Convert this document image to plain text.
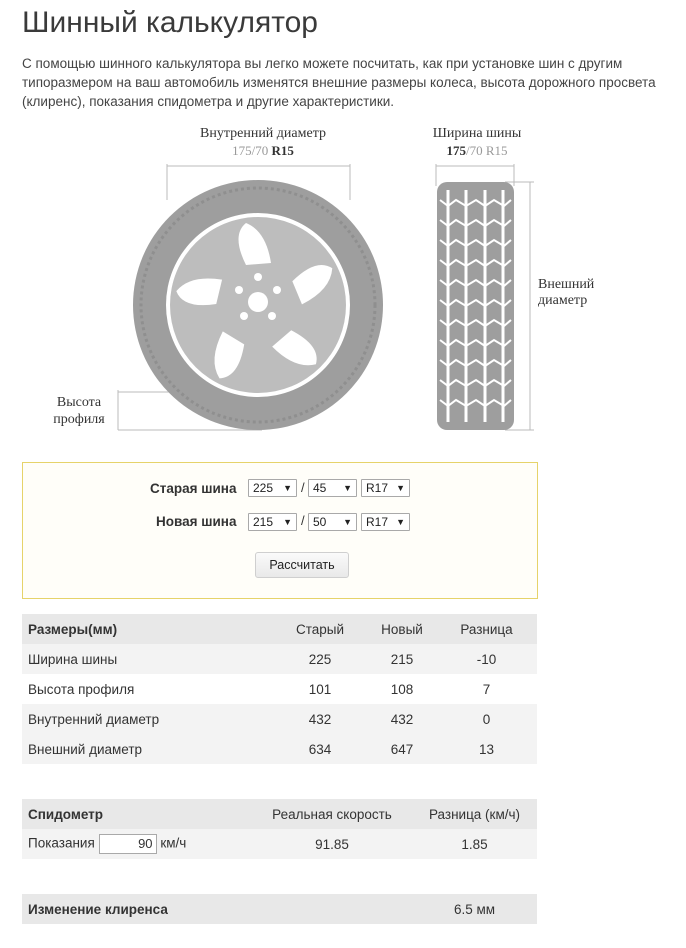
Шинный калькулятор

С помощью шинного калькулятора вы легко можете посчитать, как при установке шин с другим типоразмером на ваш автомобиль изменятся внешние размеры колеса, высота дорожного просвета (клиренс), показания спидометра и другие характеристики.

Внутренний диаметр
175/70 R15
Ширина шины
175/70 R15
Внешний
диаметр
Высота
профиля
Старая шина	225 ▼ / 45 ▼	R17 ▼
Новая шина	215 ▼ / 50 ▼	R17 ▼
Рассчитать
Размеры(мм)	Старый	Новый	Разница
Ширина шины	225	215	-10
Высота профиля	101	108	7
Внутренний диаметр	432	432	0
Внешний диаметр	634	647	13
Спидометр	Реальная скорость	Разница (км/ч)
Показания 90 км/ч	91.85	1.85
Изменение клиренса	6.5 мм
